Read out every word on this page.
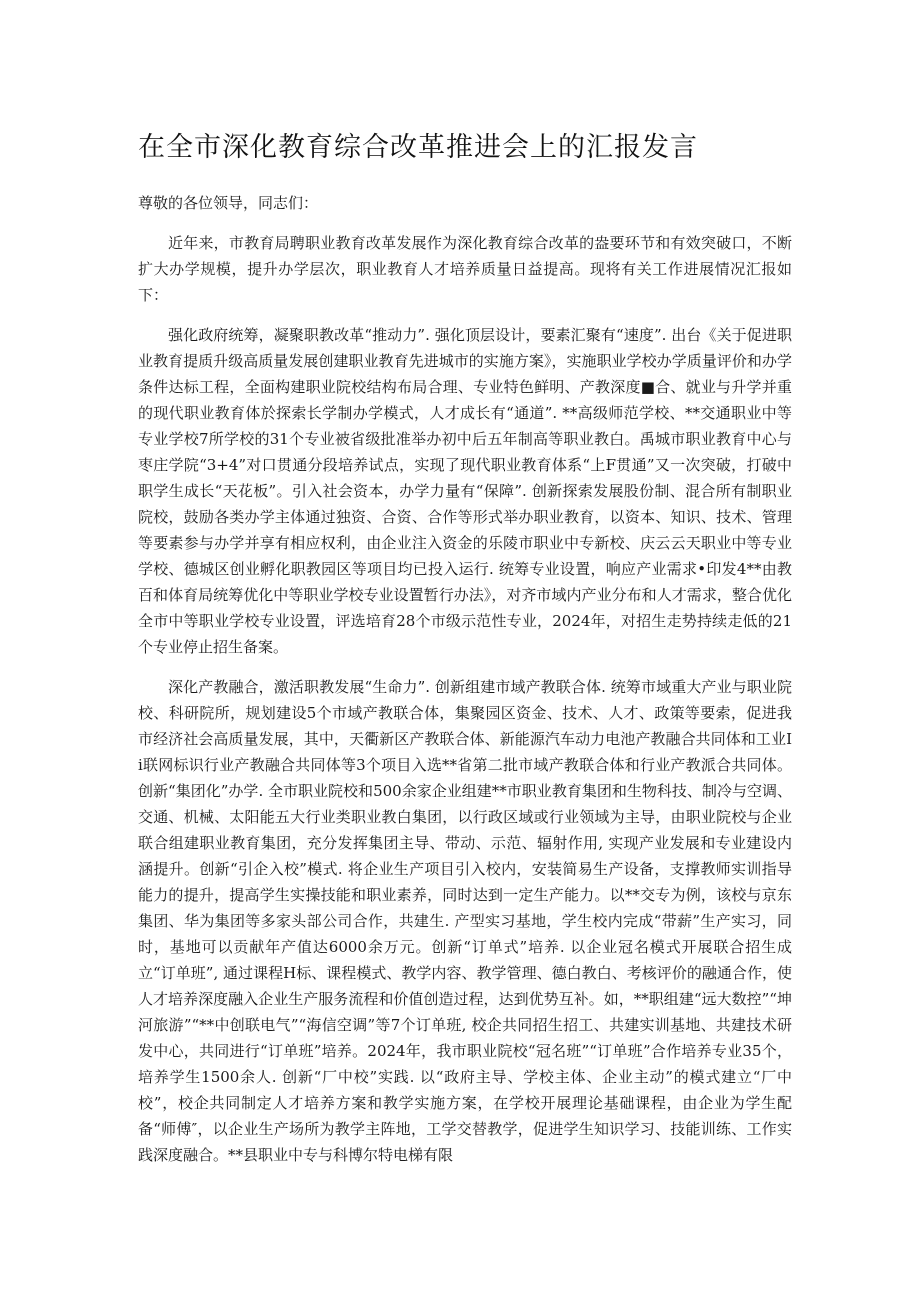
在全市深化教育综合改革推进会上的汇报发言

尊敬的各位领导，同志们：

近年来，市教育局聘职业教育改革发展作为深化教育综合改革的盎要环节和有效突破口，不断扩大办学规模，提升办学层次，职业教育人才培养质量日益提高。现将有关工作进展情况汇报如下：

强化政府统筹，凝聚职教改革“推动力”. 强化顶层设计，要素汇聚有“速度”. 出台《关于促进职业教育提质升级高质量发展创建职业教育先进城市的实施方案》，实施职业学校办学质量评价和办学条件达标工程，全面构建职业院校结构布局合理、专业特色鲜明、产教深度■合、就业与升学并重的现代职业教育体於探索长学制办学模式，人才成长有“通道”. **高级师范学校、**交通职业中等专业学校7所学校的31个专业被省级批准举办初中后五年制高等职业教白。禹城市职业教育中心与枣庄学院“3+4”对口贯通分段培养试点，实现了现代职业教育体系“上F贯通”又一次突破，打破中职学生成长“天花板”。引入社会资本，办学力量有“保障”. 创新探索发展股份制、混合所有制职业院校，鼓励各类办学主体通过独资、合资、合作等形式举办职业教育，以资本、知识、技术、管理等要素参与办学并享有相应权利，由企业注入资金的乐陵市职业中专新校、庆云云天职业中等专业学校、德城区创业孵化职教园区等项目均已投入运行. 统筹专业设置，响应产业需求•印发4**由教百和体育局统筹优化中等职业学校专业设置暂行办法》，对齐市域内产业分布和人才需求，整合优化全市中等职业学校专业设置，评选培育28个市级示范性专业，2024年，对招生走势持续走低的21个专业停止招生备案。

深化产教融合，激活职教发展“生命力”. 创新组建市域产教联合体. 统筹市域重大产业与职业院校、科研院所，规划建设5个市域产教联合体，集聚园区资金、技术、人才、政策等要索，促进我市经济社会高质量发展，其中，天衢新区产教联合体、新能源汽车动力电池产教融合共同体和工业Ii联网标识行业产教融合共同体等3个项目入选**省第二批市域产教联合体和行业产教派合共同体。创新“集团化”办学. 全市职业院校和500余家企业组建**市职业教育集团和生物科技、制冷与空调、交通、机械、太阳能五大行业类职业教白集团，以行政区域或行业领域为主导，由职业院校与企业联合组建职业教育集团，充分发挥集团主导、带动、示范、辐射作用, 实现产业发展和专业建设内涵提升。创新“引企入校”模式. 将企业生产项目引入校内，安装简易生产设备，支撑教师实训指导能力的提升，提高学生实操技能和职业素养，同时达到一定生产能力。以**交专为例，该校与京东集团、华为集团等多家头部公司合作，共建生. 产型实习基地，学生校内完成“带薪”生产实习，同时，基地可以贡献年产值达6000余万元。创新“订单式”培养. 以企业冠名模式开展联合招生成立“订单班”, 通过课程H标、课程模式、教学内容、教学管理、德白教白、考核评价的融通合作，使人才培养深度融入企业生产服务流程和价值创造过程，达到优势互补。如，**职组建“远大数控”“坤河旅游”“**中创联电气”“海信空调”等7个订单班, 校企共同招生招工、共建实训基地、共建技术研发中心，共同进行“订单班”培养。2024年，我市职业院校“冠名班”“订单班”合作培养专业35个，培养学生1500余人. 创新“厂中校”实践. 以“政府主导、学校主体、企业主动”的模式建立“厂中校”，校企共同制定人才培养方案和教学实施方案，在学校开展理论基础课程，由企业为学生配备“师傅″，以企业生产场所为教学主阵地，工学交替教学，促进学生知识学习、技能训练、工作实践深度融合。**县职业中专与科博尔特电梯有限
